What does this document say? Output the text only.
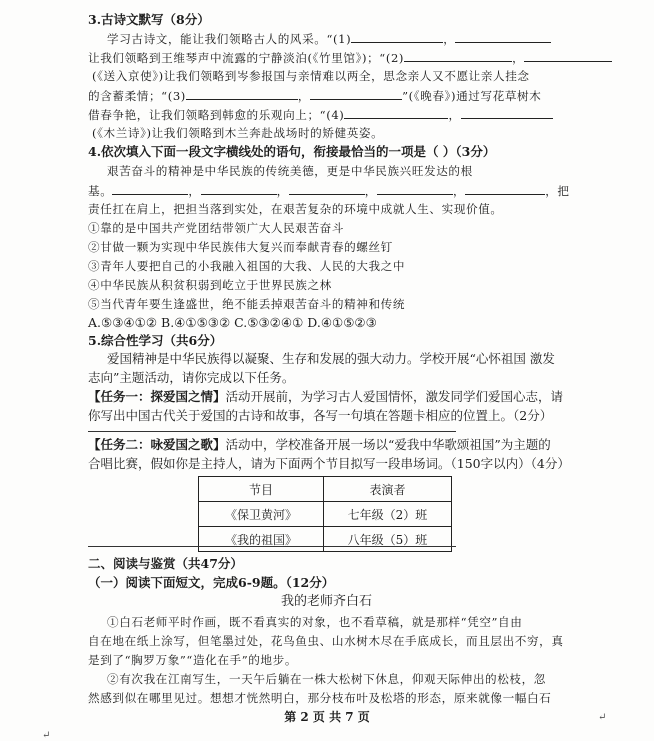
3.古诗文默写（8分）
学习古诗文，能让我们领略古人的风采。“(1)	，
让我们领略到王维琴声中流露的宁静淡泊(《竹里馆》)；“(2)	，
(《送入京使》)让我们领略到岑参报国与亲情难以两全，思念亲人又不愿让亲人挂念
的含蓄柔情；“(3)	，	”(《晚春》)通过写花草树木
借春争艳，让我们领略到韩愈的乐观向上；“(4)	，
(《木兰诗》)让我们领略到木兰奔赴战场时的矫健英姿。
4.依次填入下面一段文字横线处的语句，衔接最恰当的一项是（ ）（3分）
艰苦奋斗的精神是中华民族的传统美德，更是中华民族兴旺发达的根
基。	，	，	，	，	，把
责任扛在肩上，把担当落到实处，在艰苦复杂的环境中成就人生、实现价值。
①靠的是中国共产党团结带领广大人民艰苦奋斗
②甘做一颗为实现中华民族伟大复兴而奉献青春的螺丝钉
③青年人要把自己的小我融入祖国的大我、人民的大我之中
④中华民族从积贫积弱到屹立于世界民族之林
⑤当代青年要生逢盛世，绝不能丢掉艰苦奋斗的精神和传统
A.⑤③④①② B.④①⑤③② C.⑤③②④① D.④①⑤②③
5.综合性学习（共6分）
爱国精神是中华民族得以凝聚、生存和发展的强大动力。学校开展“心怀祖国 激发
志向”主题活动，请你完成以下任务。
【任务一：探爱国之情】活动开展前，为学习古人爱国情怀，激发同学们爱国心志，请
你写出中国古代关于爱国的古诗和故事，各写一句填在答题卡相应的位置上。（2分）
【任务二：咏爱国之歌】活动中，学校准备开展一场以“爱我中华歌颂祖国”为主题的
合唱比赛，假如你是主持人，请为下面两个节目拟写一段串场词。（150字以内）（4分）
节目	表演者
《保卫黄河》	七年级（2）班
《我的祖国》	八年级（5）班
二、阅读与鉴赏（共47分）
（一）阅读下面短文，完成6-9题。（12分）
我的老师齐白石
①白石老师平时作画，既不看真实的对象，也不看草稿，就是那样“凭空”自由
自在地在纸上涂写，但笔墨过处，花鸟鱼虫、山水树木尽在手底成长，而且层出不穷，真
是到了“胸罗万象”“造化在手”的地步。
②有次我在江南写生，一天午后躺在一株大松树下休息，仰观天际伸出的松枝，忽
然感到似在哪里见过。想想才恍然明白，那分枝布叶及松塔的形态，原来就像一幅白石
第 2 页 共 7 页
↵
↵
